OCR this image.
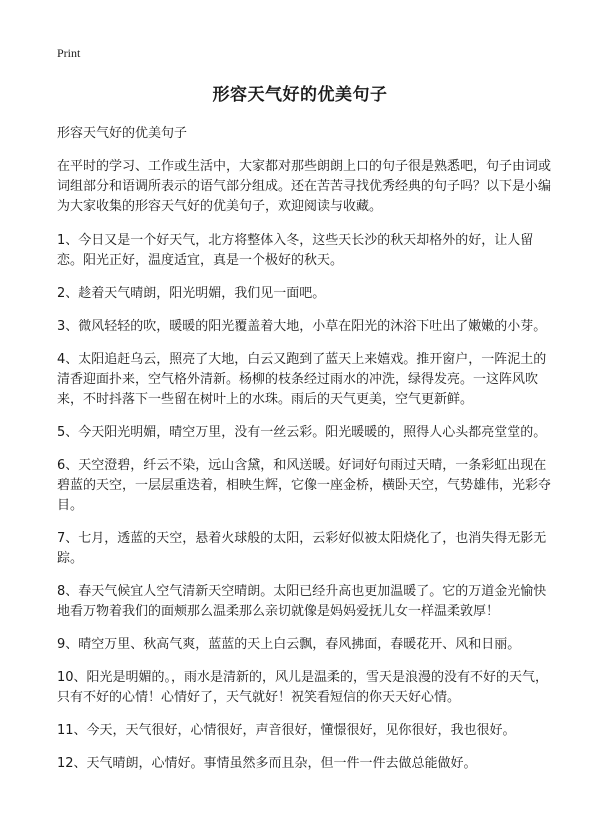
Print
形容天气好的优美句子

形容天气好的优美句子

在平时的学习、工作或生活中，大家都对那些朗朗上口的句子很是熟悉吧，句子由词或词组部分和语调所表示的语气部分组成。还在苦苦寻找优秀经典的句子吗？以下是小编为大家收集的形容天气好的优美句子，欢迎阅读与收藏。

1、今日又是一个好天气，北方将整体入冬，这些天长沙的秋天却格外的好，让人留恋。阳光正好，温度适宜，真是一个极好的秋天。

2、趁着天气晴朗，阳光明媚，我们见一面吧。

3、微风轻轻的吹，暖暖的阳光覆盖着大地，小草在阳光的沐浴下吐出了嫩嫩的小芽。

4、太阳追赶乌云，照亮了大地，白云又跑到了蓝天上来嬉戏。推开窗户，一阵泥土的清香迎面扑来，空气格外清新。杨柳的枝条经过雨水的冲洗，绿得发亮。一这阵风吹来，不时抖落下一些留在树叶上的水珠。雨后的天气更美，空气更新鲜。

5、今天阳光明媚，晴空万里，没有一丝云彩。阳光暖暖的，照得人心头都亮堂堂的。

6、天空澄碧，纤云不染，远山含黛，和风送暖。好词好句雨过天晴，一条彩虹出现在碧蓝的天空，一层层重迭着，相映生辉，它像一座金桥，横卧天空，气势雄伟，光彩夺目。

7、七月，透蓝的天空，悬着火球般的太阳，云彩好似被太阳烧化了，也消失得无影无踪。

8、春天气候宜人空气清新天空晴朗。太阳已经升高也更加温暖了。它的万道金光愉快地看万物着我们的面颊那么温柔那么亲切就像是妈妈爱抚儿女一样温柔敦厚！

9、晴空万里、秋高气爽，蓝蓝的天上白云飘，春风拂面，春暖花开、风和日丽。

10、阳光是明媚的。，雨水是清新的，风儿是温柔的，雪天是浪漫的没有不好的天气，只有不好的心情！心情好了，天气就好！祝笑看短信的你天天好心情。

11、今天，天气很好，心情很好，声音很好，懂憬很好，见你很好，我也很好。

12、天气晴朗，心情好。事情虽然多而且杂，但一件一件去做总能做好。
